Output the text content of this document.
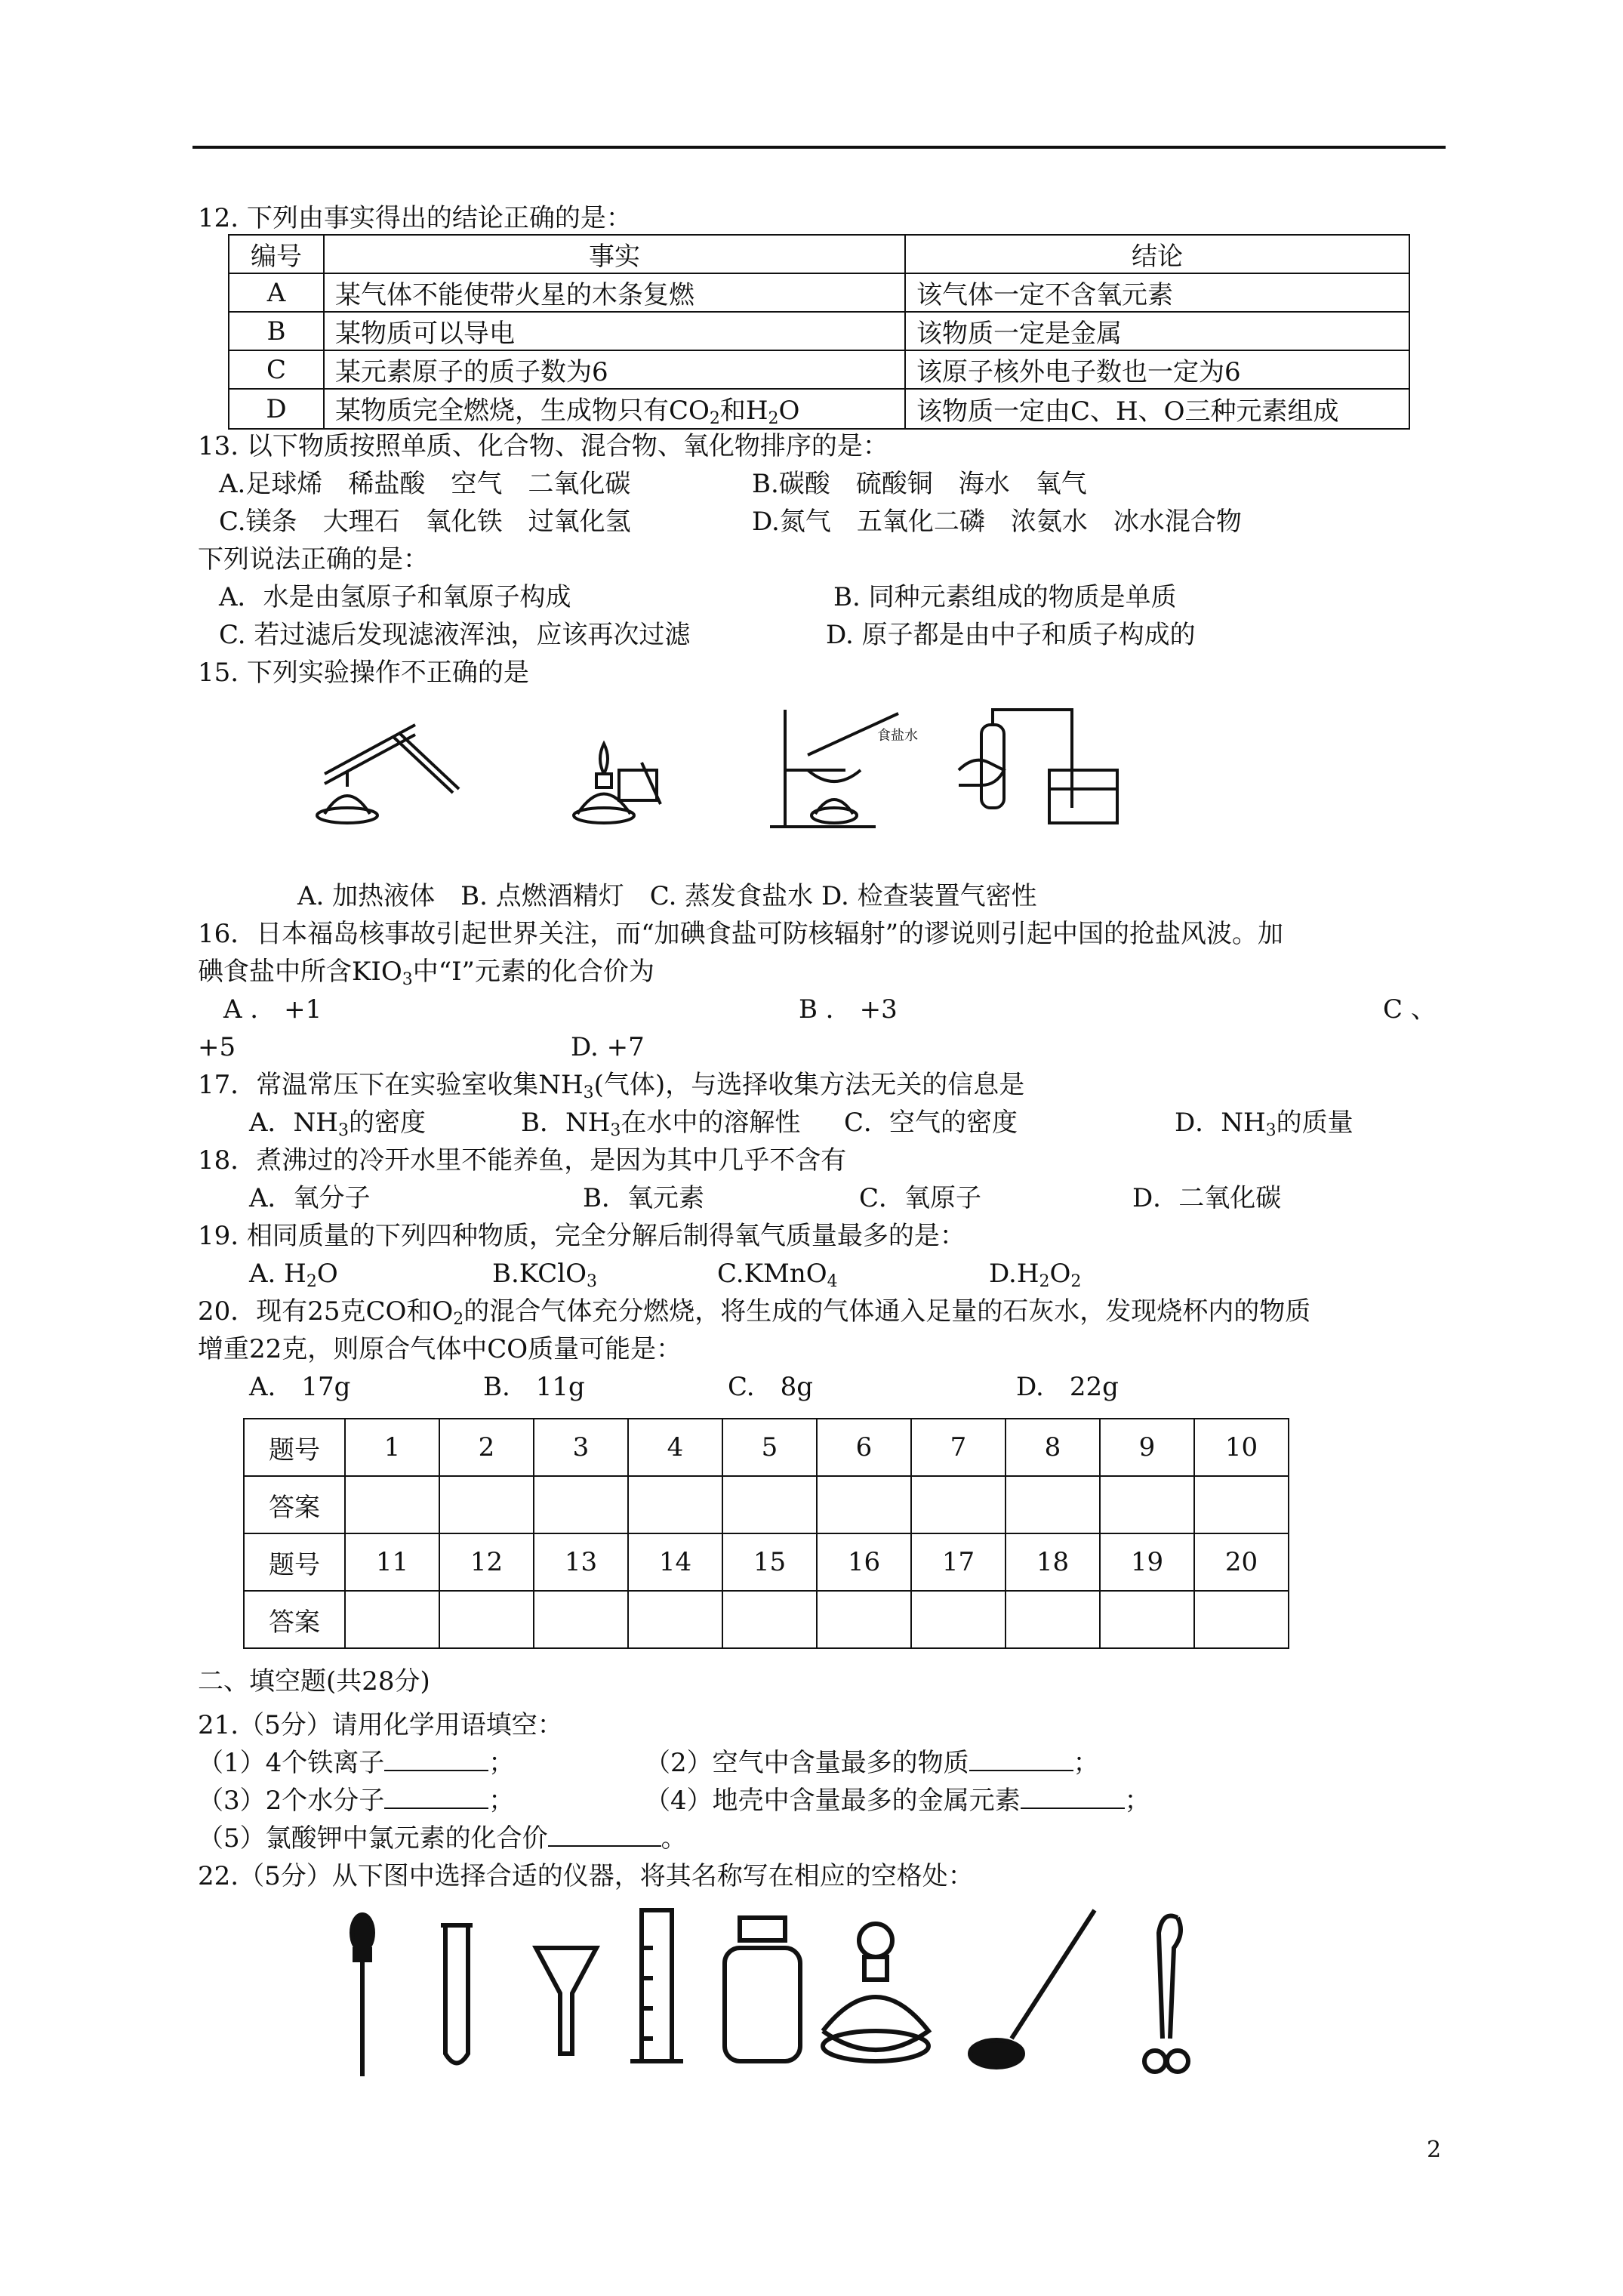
12. 下列由事实得出的结论正确的是：
编号	事实	结论
A	某气体不能使带火星的木条复燃	该气体一定不含氧元素
B	某物质可以导电	该物质一定是金属
C	某元素原子的质子数为6	该原子核外电子数也一定为6
D	某物质完全燃烧，生成物只有$CO_2$和$H_2O$	该物质一定由C、H、O三种元素组成
13. 以下物质按照单质、化合物、混合物、氧化物排序的是：
A.足球烯　稀盐酸　空气　二氧化碳	B.碳酸　硫酸铜　海水　氧气
C.镁条　大理石　氧化铁　过氧化氢	D.氮气　五氧化二磷　浓氨水　冰水混合物
下列说法正确的是：
A．水是由氢原子和氧原子构成	B. 同种元素组成的物质是单质
C. 若过滤后发现滤液浑浊，应该再次过滤	D. 原子都是由中子和质子构成的
15. 下列实验操作不正确的是
食盐水
A. 加热液体　B. 点燃酒精灯　C. 蒸发食盐水 D. 检查装置气密性
16．日本福岛核事故引起世界关注，而“加碘食盐可防核辐射”的谬说则引起中国的抢盐风波。加
碘食盐中所含$KIO_3$中“I”元素的化合价为
A ． +1	B ． +3	C 、
+5	D. +7
17．常温常压下在实验室收集$NH_3$(气体)，与选择收集方法无关的信息是
A．$NH_3$的密度	B．$NH_3$在水中的溶解性 C．空气的密度	D．$NH_3$的质量
18．煮沸过的冷开水里不能养鱼，是因为其中几乎不含有
A．氧分子	B．氧元素	C．氧原子	D．二氧化碳
19. 相同质量的下列四种物质，完全分解后制得氧气质量最多的是：
A. $H_2O$	B.KClO$_3$	C.KMnO$_4$	$D.H_2O_2$
20．现有25克CO和$O_2$的混合气体充分燃烧，将生成的气体通入足量的石灰水，发现烧杯内的物质
增重22克，则原合气体中CO质量可能是：
A.　17g	B.　11g	C.　8g	D.　22g
题号	1	2	3	4	5	6	7	8	9	10
答案										
题号	11	12	13	14	15	16	17	18	19	20
答案										
二、填空题(共28分)
21.（5分）请用化学用语填空：
（1）4个铁离子	；	（2）空气中含量最多的物质	；
（3）2个水分子	；	（4）地壳中含量最多的金属元素	；
（5）氯酸钾中氯元素的化合价	。
22.（5分）从下图中选择合适的仪器，将其名称写在相应的空格处：
2
